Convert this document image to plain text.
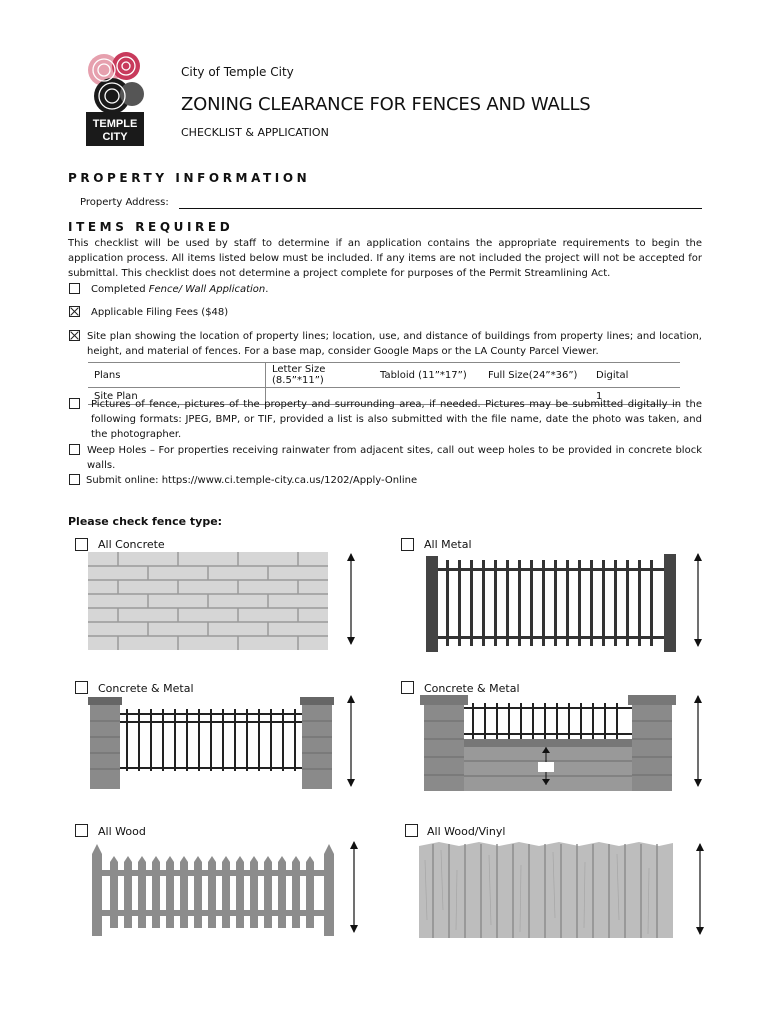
TEMPLE
CITY
City of Temple City
ZONING CLEARANCE FOR FENCES AND WALLS
CHECKLIST & APPLICATION
PROPERTY INFORMATION
Property Address:
ITEMS REQUIRED
This checklist will be used by staff to determine if an application contains the appropriate requirements to begin the application process. All items listed below must be included. If any items are not included the project will not be accepted for submittal. This checklist does not determine a project complete for purposes of the Permit Streamlining Act.
Completed Fence/ Wall Application.
Applicable Filing Fees ($48)
Site plan showing the location of property lines; location, use, and distance of buildings from property lines; and location, height, and material of fences. For a base map, consider Google Maps or the LA County Parcel Viewer.
Plans	Letter Size (8.5”*11”)	Tabloid (11”*17”)	Full Size(24”*36”)	Digital
Site Plan				1
Pictures of fence, pictures of the property and surrounding area, if needed. Pictures may be submitted digitally in the following formats: JPEG, BMP, or TIF, provided a list is also submitted with the file name, date the photo was taken, and the photographer.
Weep Holes – For properties receiving rainwater from adjacent sites, call out weep holes to be provided in concrete block walls.
Submit online: https://www.ci.temple-city.ca.us/1202/Apply-Online
Please check fence type:
All Concrete	All Metal
Concrete & Metal	Concrete & Metal
All Wood	All Wood/Vinyl
